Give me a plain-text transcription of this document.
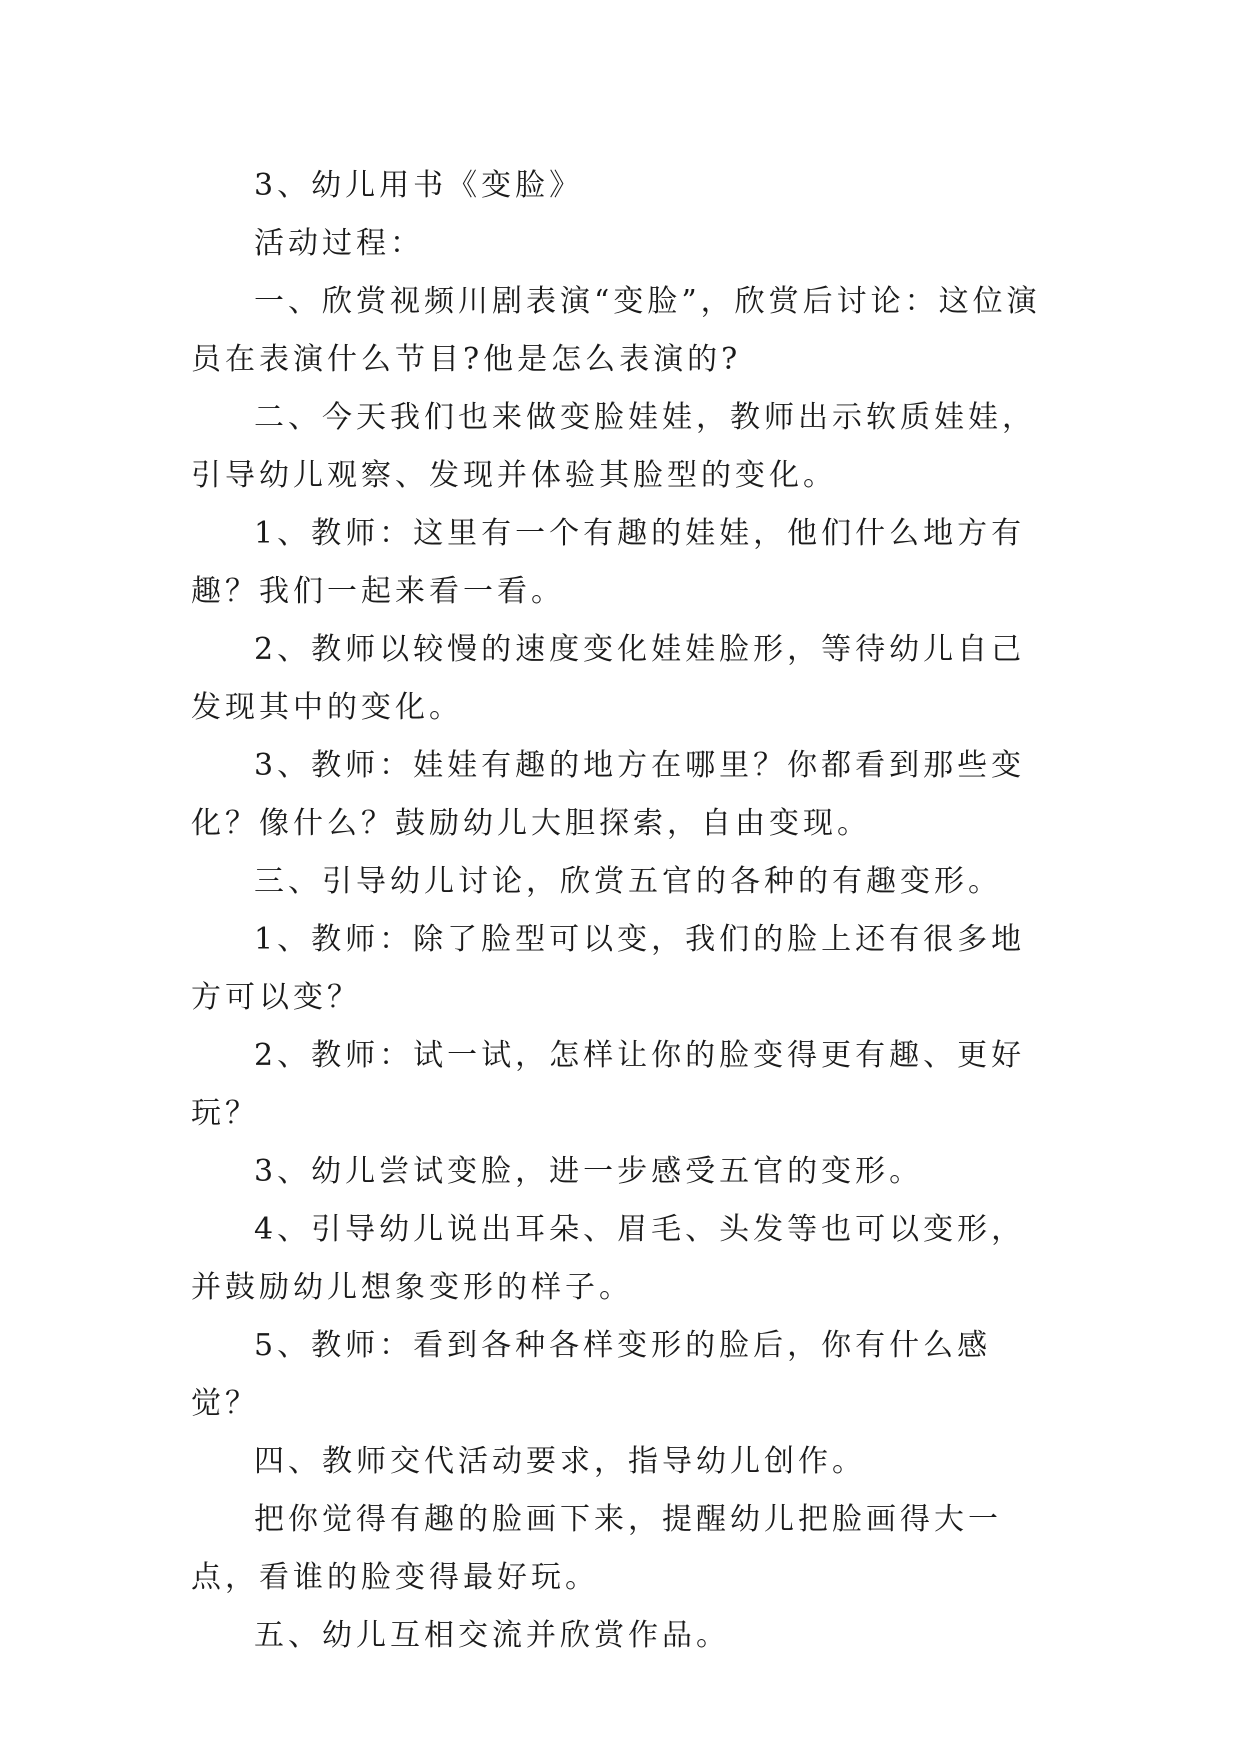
3、幼儿用书《变脸》

活动过程：

一、欣赏视频川剧表演“变脸”，欣赏后讨论：这位演员在表演什么节目?他是怎么表演的?

二、今天我们也来做变脸娃娃，教师出示软质娃娃，引导幼儿观察、发现并体验其脸型的变化。

1、教师：这里有一个有趣的娃娃，他们什么地方有趣？我们一起来看一看。

2、教师以较慢的速度变化娃娃脸形，等待幼儿自己发现其中的变化。

3、教师：娃娃有趣的地方在哪里？你都看到那些变化？像什么？鼓励幼儿大胆探索，自由变现。

三、引导幼儿讨论，欣赏五官的各种的有趣变形。

1、教师：除了脸型可以变，我们的脸上还有很多地方可以变？

2、教师：试一试，怎样让你的脸变得更有趣、更好玩？

3、幼儿尝试变脸，进一步感受五官的变形。

4、引导幼儿说出耳朵、眉毛、头发等也可以变形，并鼓励幼儿想象变形的样子。

5、教师：看到各种各样变形的脸后，你有什么感觉？

四、教师交代活动要求，指导幼儿创作。

把你觉得有趣的脸画下来，提醒幼儿把脸画得大一点，看谁的脸变得最好玩。

五、幼儿互相交流并欣赏作品。
